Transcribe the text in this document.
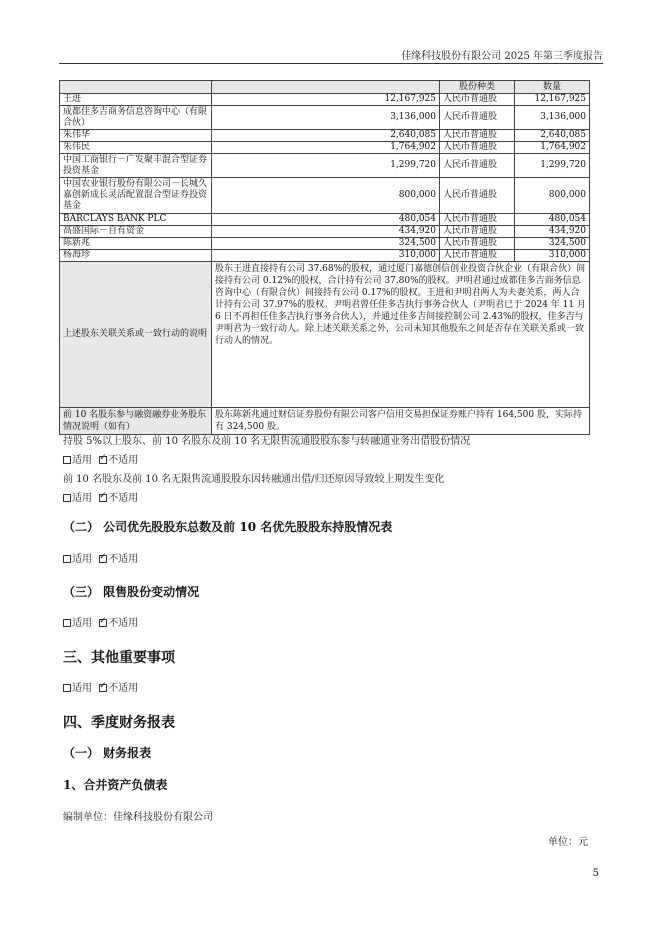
佳缘科技股份有限公司 2025 年第三季度报告
		股份种类	数量
王进	12,167,925	人民币普通股	12,167,925
成都佳多吉商务信息咨询中心（有限合伙）	3,136,000	人民币普通股	3,136,000
朱伟华	2,640,085	人民币普通股	2,640,085
朱伟民	1,764,902	人民币普通股	1,764,902
中国工商银行－广发聚丰混合型证券投资基金	1,299,720	人民币普通股	1,299,720
中国农业银行股份有限公司－长城久嘉创新成长灵活配置混合型证券投资基金	800,000	人民币普通股	800,000
BARCLAYS BANK PLC	480,054	人民币普通股	480,054
高盛国际－自有资金	434,920	人民币普通股	434,920
陈新兆	324,500	人民币普通股	324,500
杨海珍	310,000	人民币普通股	310,000
上述股东关联关系或一致行动的说明	股东王进直接持有公司 37.68%的股权，通过厦门嘉德创信创业投资合伙企业（有限合伙）间接持有公司 0.12%的股权，合计持有公司 37.80%的股权。尹明君通过成都佳多吉商务信息咨询中心（有限合伙）间接持有公司 0.17%的股权。王进和尹明君两人为夫妻关系，两人合计持有公司 37.97%的股权。尹明君曾任佳多吉执行事务合伙人（尹明君已于 2024 年 11 月 6 日不再担任佳多吉执行事务合伙人），并通过佳多吉间接控制公司 2.43%的股权，佳多吉与尹明君为一致行动人。除上述关联关系之外，公司未知其他股东之间是否存在关联关系或一致行动人的情况。		
前 10 名股东参与融资融券业务股东情况说明（如有）	股东陈新兆通过财信证券股份有限公司客户信用交易担保证券账户持有 164,500 股，实际持有 324,500 股。		
持股 5%以上股东、前 10 名股东及前 10 名无限售流通股股东参与转融通业务出借股份情况
适用 ✓ 不适用
前 10 名股东及前 10 名无限售流通股股东因转融通出借/归还原因导致较上期发生变化
适用 ✓ 不适用
（二） 公司优先股股东总数及前 10 名优先股股东持股情况表
适用 ✓ 不适用
（三） 限售股份变动情况
适用 ✓ 不适用
三、其他重要事项
适用 ✓ 不适用
四、季度财务报表
（一） 财务报表
1、合并资产负债表
编制单位：佳缘科技股份有限公司
单位：元
5
